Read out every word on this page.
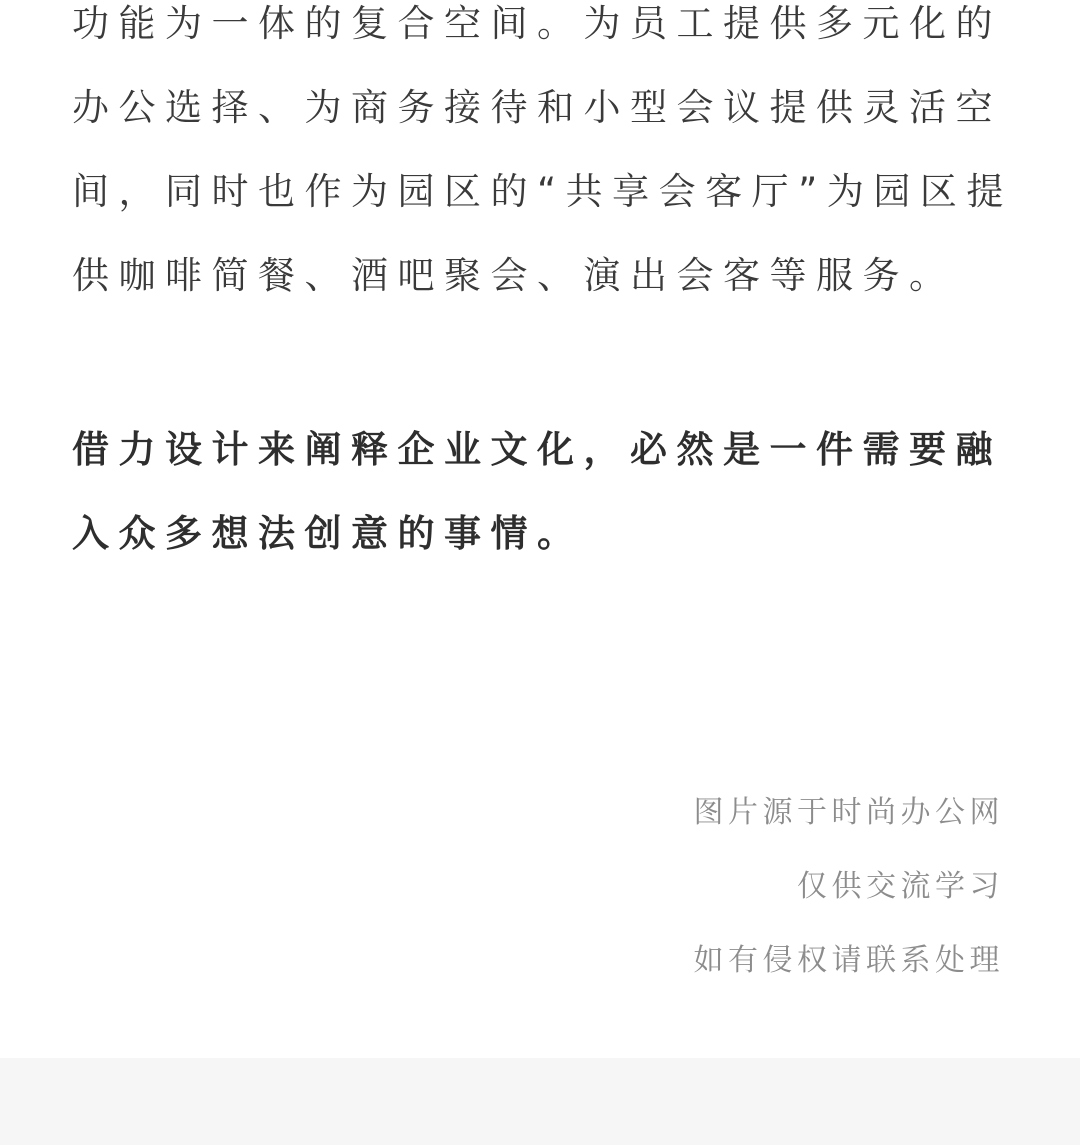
功能为一体的复合空间。为员工提供多元化的
办公选择、为商务接待和小型会议提供灵活空
间，同时也作为园区的“共享会客厅”为园区提
供咖啡简餐、酒吧聚会、演出会客等服务。

借力设计来阐释企业文化，必然是一件需要融
入众多想法创意的事情。

图片源于时尚办公网
仅供交流学习
如有侵权请联系处理
